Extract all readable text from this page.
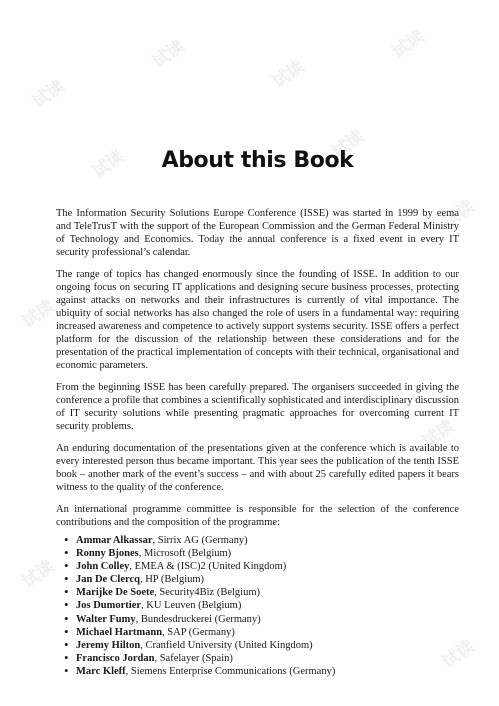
试读
试读
试读
试读
试读
试读
试读
试读
试读
试读
试读
About this Book

The Information Security Solutions Europe Conference (ISSE) was started in 1999 by eema and TeleTrusT with the support of the European Commission and the German Federal Ministry of Technology and Economics. Today the annual conference is a fixed event in every IT security professional’s calendar.

The range of topics has changed enormously since the founding of ISSE. In addition to our ongoing focus on securing IT applications and designing secure business processes, protecting against attacks on networks and their infrastructures is currently of vital importance. The ubiquity of social networks has also changed the role of users in a fundamental way: requiring increased awareness and competence to actively support systems security. ISSE offers a perfect platform for the discussion of the relationship between these considerations and for the presentation of the practical implementation of concepts with their technical, organisational and economic parameters.

From the beginning ISSE has been carefully prepared. The organisers succeeded in giving the conference a profile that combines a scientifically sophisticated and interdisciplinary discussion of IT security solutions while presenting pragmatic approaches for overcoming current IT security problems.

An enduring documentation of the presentations given at the conference which is available to every interested person thus became important. This year sees the publication of the tenth ISSE book – another mark of the event’s success – and with about 25 carefully edited papers it bears witness to the quality of the conference.

An international programme committee is responsible for the selection of the conference contributions and the composition of the programme:

• Ammar Alkassar, Sirrix AG (Germany)
• Ronny Bjones, Microsoft (Belgium)
• John Colley, EMEA & (ISC)2 (United Kingdom)
• Jan De Clercq, HP (Belgium)
• Marijke De Soete, Security4Biz (Belgium)
• Jos Dumortier, KU Leuven (Belgium)
• Walter Fumy, Bundesdruckerei (Germany)
• Michael Hartmann, SAP (Germany)
• Jeremy Hilton, Cranfield University (United Kingdom)
• Francisco Jordan, Safelayer (Spain)
• Marc Kleff, Siemens Enterprise Communications (Germany)
